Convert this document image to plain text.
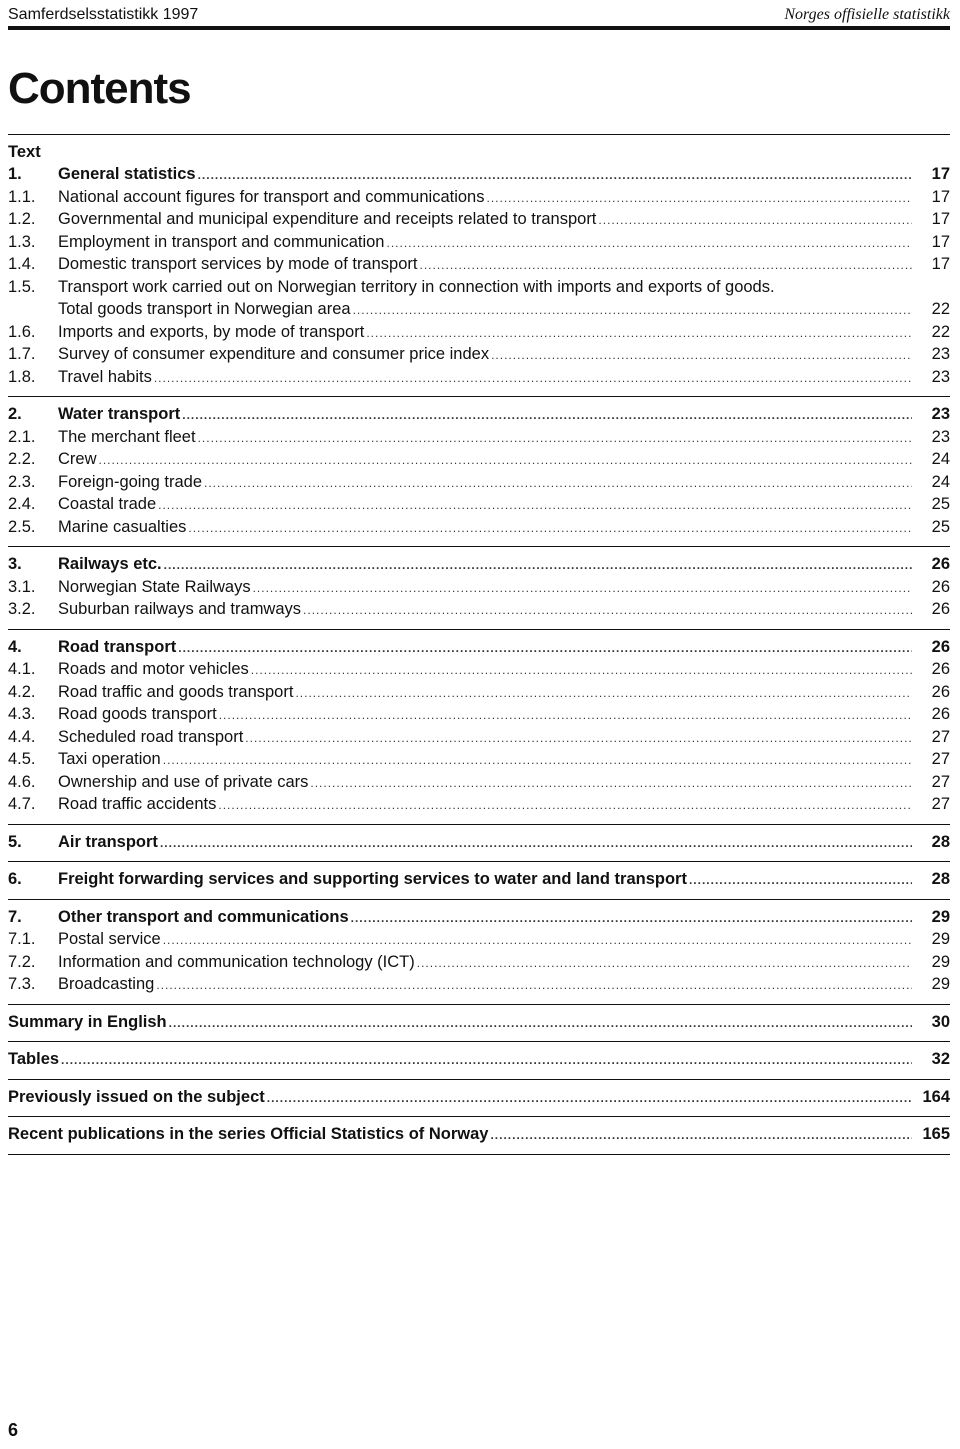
Samferdselsstatistikk 1997	Norges offisielle statistikk
Contents
Text
1.	General statistics .....	17
1.1.	National account figures for transport and communications .....	17
1.2.	Governmental and municipal expenditure and receipts related to transport .....	17
1.3.	Employment in transport and communication .....	17
1.4.	Domestic transport services by mode of transport .....	17
1.5.	Transport work carried out on Norwegian territory in connection with imports and exports of goods.
Total goods transport in Norwegian area .....	22
1.6.	Imports and exports, by mode of transport .....	22
1.7.	Survey of consumer expenditure and consumer price index .....	23
1.8.	Travel habits .....	23
2.	Water transport .....	23
2.1.	The merchant fleet .....	23
2.2.	Crew .....	24
2.3.	Foreign-going trade .....	24
2.4.	Coastal trade .....	25
2.5.	Marine casualties .....	25
3.	Railways etc. .....	26
3.1.	Norwegian State Railways .....	26
3.2.	Suburban railways and tramways .....	26
4.	Road transport .....	26
4.1.	Roads and motor vehicles .....	26
4.2.	Road traffic and goods transport .....	26
4.3.	Road goods transport .....	26
4.4.	Scheduled road transport .....	27
4.5.	Taxi operation .....	27
4.6.	Ownership and use of private cars .....	27
4.7.	Road traffic accidents .....	27
5.	Air transport .....	28
6.	Freight forwarding services and supporting services to water and land transport .....	28
7.	Other transport and communications .....	29
7.1.	Postal service .....	29
7.2.	Information and communication technology (ICT) .....	29
7.3.	Broadcasting .....	29
Summary in English .....	30
Tables .....	32
Previously issued on the subject .....	164
Recent publications in the series Official Statistics of Norway .....	165
6
